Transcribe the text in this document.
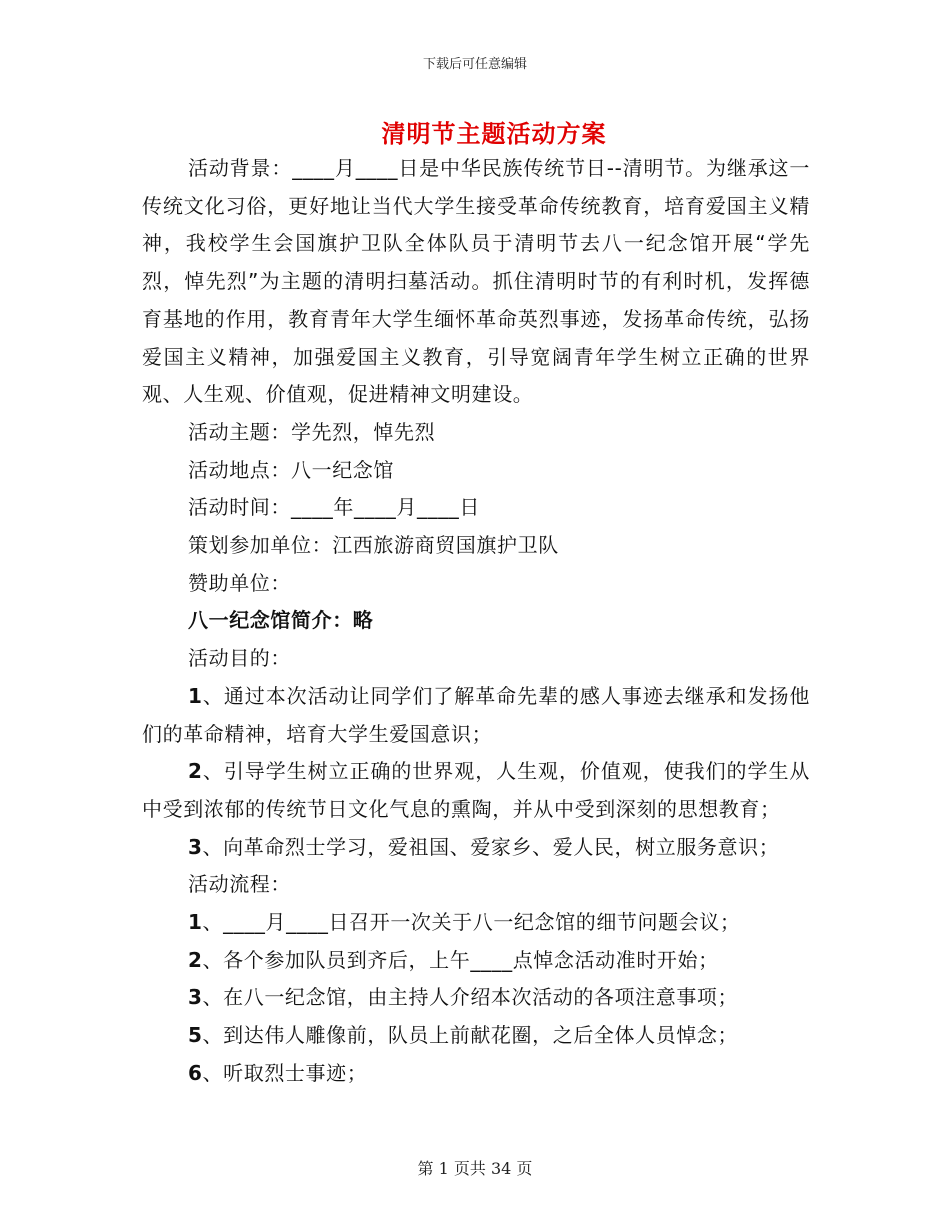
下载后可任意编辑
清明节主题活动方案

活动背景：____月____日是中华民族传统节日--清明节。为继承这一传统文化习俗，更好地让当代大学生接受革命传统教育，培育爱国主义精神，我校学生会国旗护卫队全体队员于清明节去八一纪念馆开展“学先烈，悼先烈”为主题的清明扫墓活动。抓住清明时节的有利时机，发挥德育基地的作用，教育青年大学生缅怀革命英烈事迹，发扬革命传统，弘扬爱国主义精神，加强爱国主义教育，引导宽阔青年学生树立正确的世界观、人生观、价值观，促进精神文明建设。

活动主题：学先烈，悼先烈

活动地点：八一纪念馆

活动时间：____年____月____日

策划参加单位：江西旅游商贸国旗护卫队

赞助单位：

八一纪念馆简介：略

活动目的：

1、通过本次活动让同学们了解革命先辈的感人事迹去继承和发扬他们的革命精神，培育大学生爱国意识；

2、引导学生树立正确的世界观，人生观，价值观，使我们的学生从中受到浓郁的传统节日文化气息的熏陶，并从中受到深刻的思想教育；

3、向革命烈士学习，爱祖国、爱家乡、爱人民，树立服务意识；

活动流程：

1、____月____日召开一次关于八一纪念馆的细节问题会议；

2、各个参加队员到齐后，上午____点悼念活动准时开始；

3、在八一纪念馆，由主持人介绍本次活动的各项注意事项；

5、到达伟人雕像前，队员上前献花圈，之后全体人员悼念；

6、听取烈士事迹；

第 1 页共 34 页
